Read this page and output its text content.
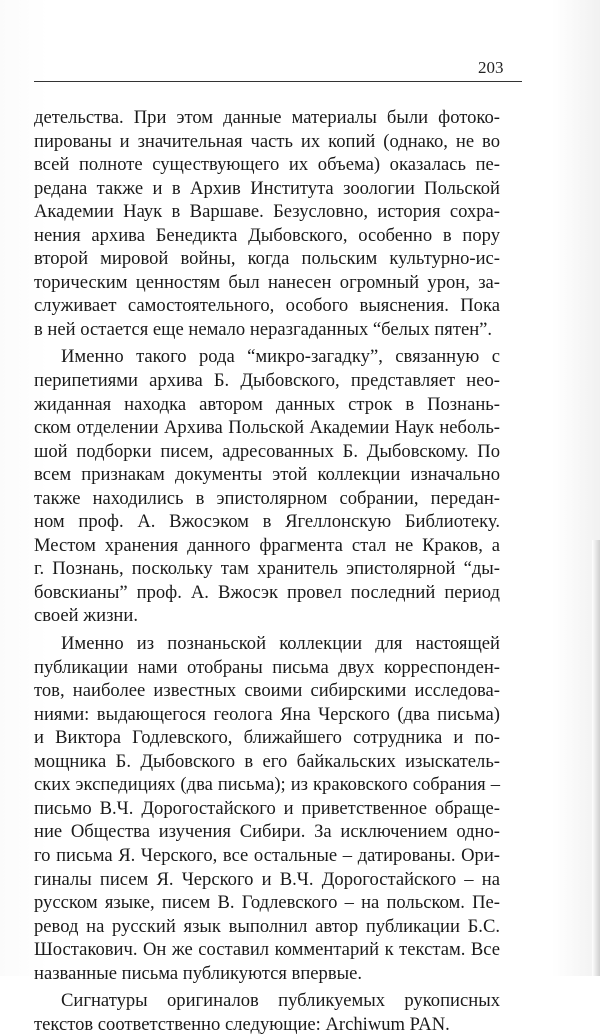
203
детельства. При этом данные материалы были фотоко-
пированы и значительная часть их копий (однако, не во
всей полноте существующего их объема) оказалась пе-
редана также и в Архив Института зоологии Польской
Академии Наук в Варшаве. Безусловно, история сохра-
нения архива Бенедикта Дыбовского, особенно в пору
второй мировой войны, когда польским культурно-ис-
торическим ценностям был нанесен огромный урон, за-
служивает самостоятельного, особого выяснения. Пока
в ней остается еще немало неразгаданных “белых пятен”.
Именно такого рода “микро-загадку”, связанную с
перипетиями архива Б. Дыбовского, представляет нео-
жиданная находка автором данных строк в Познань-
ском отделении Архива Польской Академии Наук неболь-
шой подборки писем, адресованных Б. Дыбовскому. По
всем признакам документы этой коллекции изначально
также находились в эпистолярном собрании, передан-
ном проф. А. Вжосэком в Ягеллонскую Библиотеку.
Местом хранения данного фрагмента стал не Краков, а
г. Познань, поскольку там хранитель эпистолярной “ды-
бовскианы” проф. А. Вжосэк провел последний период
своей жизни.
Именно из познаньской коллекции для настоящей
публикации нами отобраны письма двух корреспонден-
тов, наиболее известных своими сибирскими исследова-
ниями: выдающегося геолога Яна Черского (два письма)
и Виктора Годлевского, ближайшего сотрудника и по-
мощника Б. Дыбовского в его байкальских изыскатель-
ских экспедициях (два письма); из краковского собрания –
письмо В.Ч. Дорогостайского и приветственное обраще-
ние Общества изучения Сибири. За исключением одно-
го письма Я. Черского, все остальные – датированы. Ори-
гиналы писем Я. Черского и В.Ч. Дорогостайского – на
русском языке, писем В. Годлевского – на польском. Пе-
ревод на русский язык выполнил автор публикации Б.С.
Шостакович. Он же составил комментарий к текстам. Все
названные письма публикуются впервые.
Сигнатуры оригиналов публикуемых рукописных
текстов соответственно следующие: Archiwum PAN.
